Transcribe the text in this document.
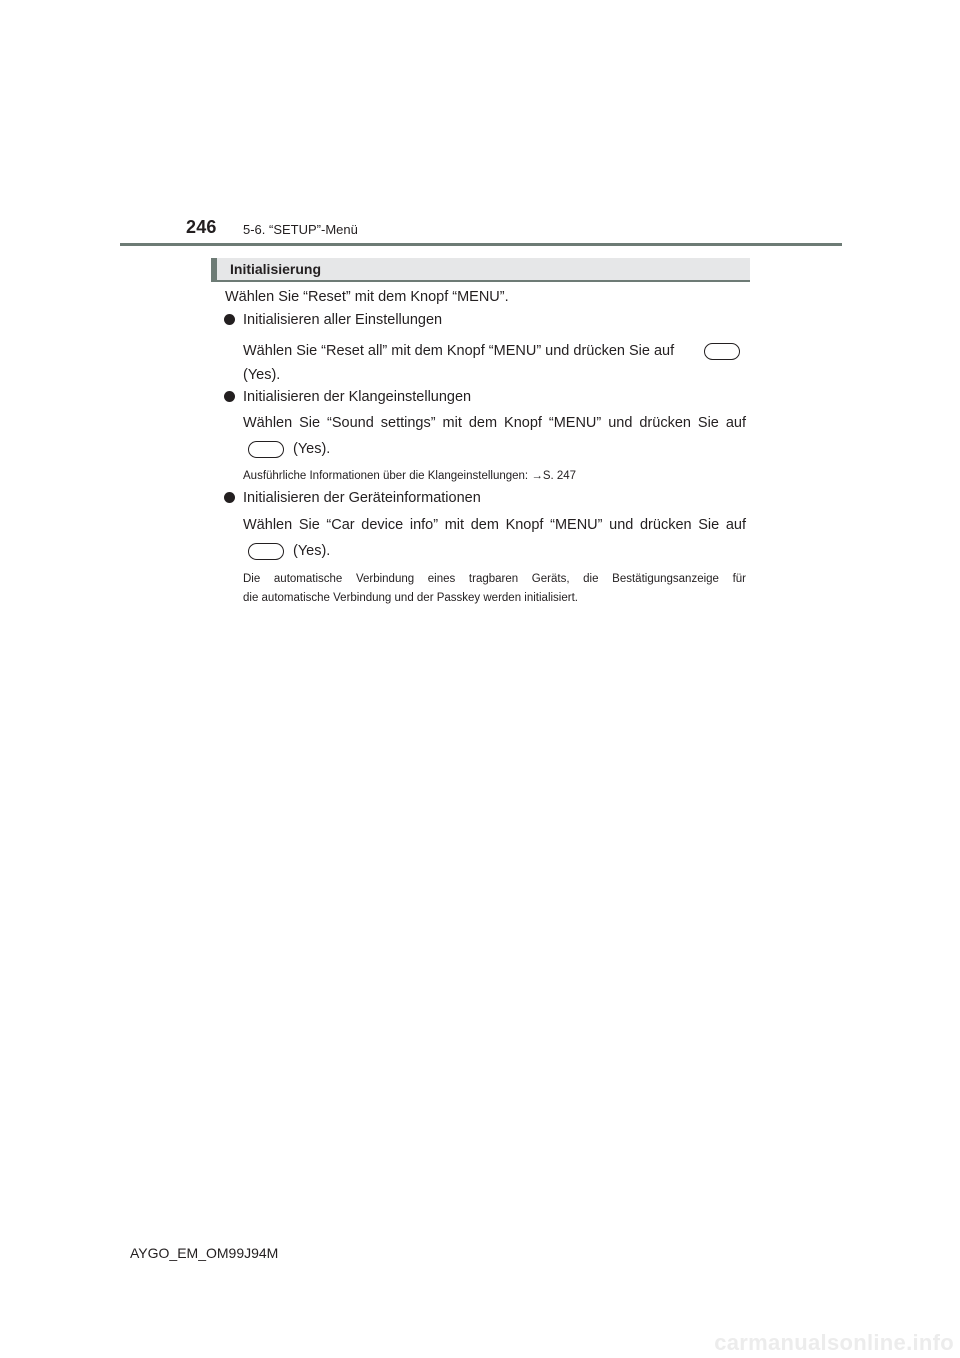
246 5-6. “SETUP”-Menü
Initialisierung
Wählen Sie “Reset” mit dem Knopf “MENU”.
Initialisieren aller Einstellungen
Wählen Sie “Reset all” mit dem Knopf “MENU” und drücken Sie auf
(Yes).
Initialisieren der Klangeinstellungen
Wählen Sie “Sound settings” mit dem Knopf “MENU” und drücken Sie auf
(Yes).
Ausführliche Informationen über die Klangeinstellungen: →S. 247
Initialisieren der Geräteinformationen
Wählen Sie “Car device info” mit dem Knopf “MENU” und drücken Sie auf
(Yes).
Die automatische Verbindung eines tragbaren Geräts, die Bestätigungsanzeige für
die automatische Verbindung und der Passkey werden initialisiert.
AYGO_EM_OM99J94M
carmanualsonline.info
